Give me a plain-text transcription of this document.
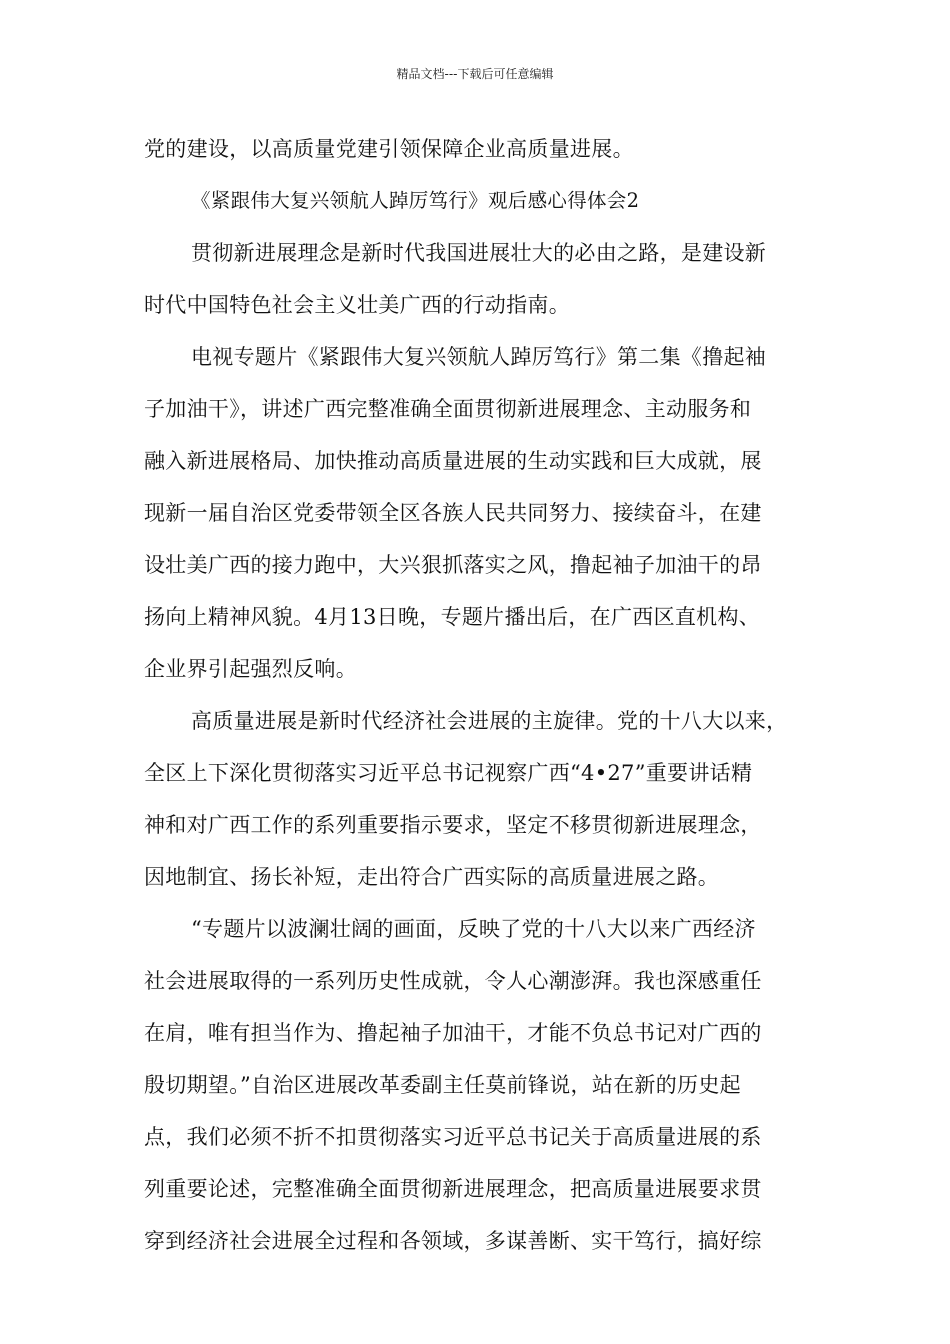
精品文档---下载后可任意编辑
党的建设，以高质量党建引领保障企业高质量进展。
《紧跟伟大复兴领航人踔厉笃行》观后感心得体会2
贯彻新进展理念是新时代我国进展壮大的必由之路，是建设新
时代中国特色社会主义壮美广西的行动指南。
电视专题片《紧跟伟大复兴领航人踔厉笃行》第二集《撸起袖
子加油干》，讲述广西完整准确全面贯彻新进展理念、主动服务和
融入新进展格局、加快推动高质量进展的生动实践和巨大成就，展
现新一届自治区党委带领全区各族人民共同努力、接续奋斗，在建
设壮美广西的接力跑中，大兴狠抓落实之风，撸起袖子加油干的昂
扬向上精神风貌。4月13日晚，专题片播出后，在广西区直机构、
企业界引起强烈反响。
高质量进展是新时代经济社会进展的主旋律。党的十八大以来，
全区上下深化贯彻落实习近平总书记视察广西“4•27”重要讲话精
神和对广西工作的系列重要指示要求，坚定不移贯彻新进展理念，
因地制宜、扬长补短，走出符合广西实际的高质量进展之路。
“专题片以波澜壮阔的画面，反映了党的十八大以来广西经济
社会进展取得的一系列历史性成就，令人心潮澎湃。我也深感重任
在肩，唯有担当作为、撸起袖子加油干，才能不负总书记对广西的
殷切期望。”自治区进展改革委副主任莫前锋说，站在新的历史起
点，我们必须不折不扣贯彻落实习近平总书记关于高质量进展的系
列重要论述，完整准确全面贯彻新进展理念，把高质量进展要求贯
穿到经济社会进展全过程和各领域，多谋善断、实干笃行，搞好综
